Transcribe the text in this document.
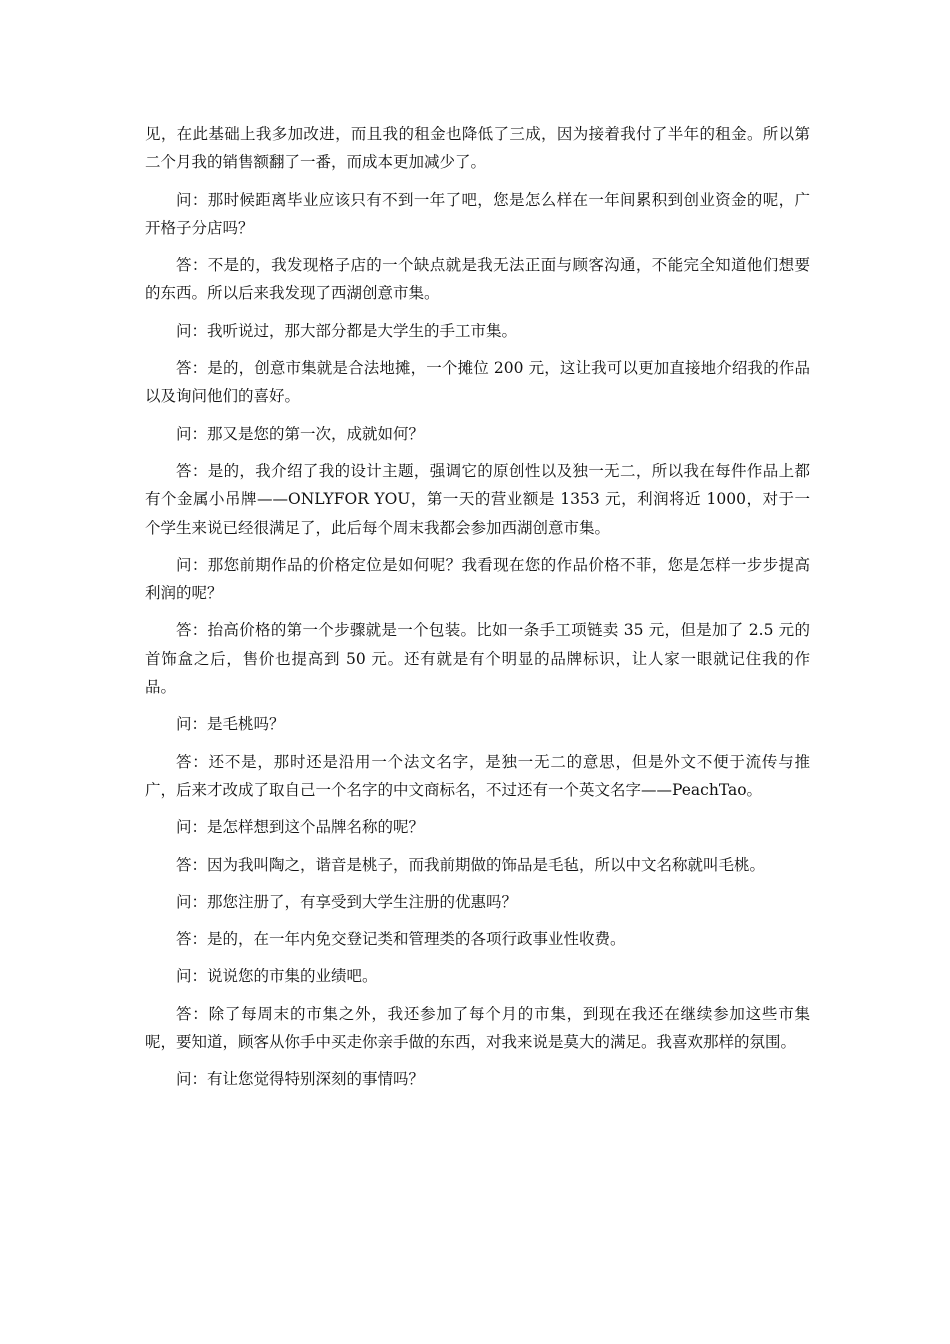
见，在此基础上我多加改进，而且我的租金也降低了三成，因为接着我付了半年的租金。所以第二个月我的销售额翻了一番，而成本更加减少了。

问：那时候距离毕业应该只有不到一年了吧，您是怎么样在一年间累积到创业资金的呢，广开格子分店吗？

答：不是的，我发现格子店的一个缺点就是我无法正面与顾客沟通，不能完全知道他们想要的东西。所以后来我发现了西湖创意市集。

问：我听说过，那大部分都是大学生的手工市集。

答：是的，创意市集就是合法地摊，一个摊位 200 元，这让我可以更加直接地介绍我的作品以及询问他们的喜好。

问：那又是您的第一次，成就如何？

答：是的，我介绍了我的设计主题，强调它的原创性以及独一无二，所以我在每件作品上都有个金属小吊牌——ONLYFOR YOU，第一天的营业额是 1353 元，利润将近 1000，对于一个学生来说已经很满足了，此后每个周末我都会参加西湖创意市集。

问：那您前期作品的价格定位是如何呢？我看现在您的作品价格不菲，您是怎样一步步提高利润的呢？

答：抬高价格的第一个步骤就是一个包装。比如一条手工项链卖 35 元，但是加了 2.5 元的首饰盒之后，售价也提高到 50 元。还有就是有个明显的品牌标识，让人家一眼就记住我的作品。

问：是毛桃吗？

答：还不是，那时还是沿用一个法文名字，是独一无二的意思，但是外文不便于流传与推广，后来才改成了取自己一个名字的中文商标名，不过还有一个英文名字——PeachTao。

问：是怎样想到这个品牌名称的呢？

答：因为我叫陶之，谐音是桃子，而我前期做的饰品是毛毡，所以中文名称就叫毛桃。

问：那您注册了，有享受到大学生注册的优惠吗？

答：是的，在一年内免交登记类和管理类的各项行政事业性收费。

问：说说您的市集的业绩吧。

答：除了每周末的市集之外，我还参加了每个月的市集，到现在我还在继续参加这些市集呢，要知道，顾客从你手中买走你亲手做的东西，对我来说是莫大的满足。我喜欢那样的氛围。

问：有让您觉得特别深刻的事情吗？
